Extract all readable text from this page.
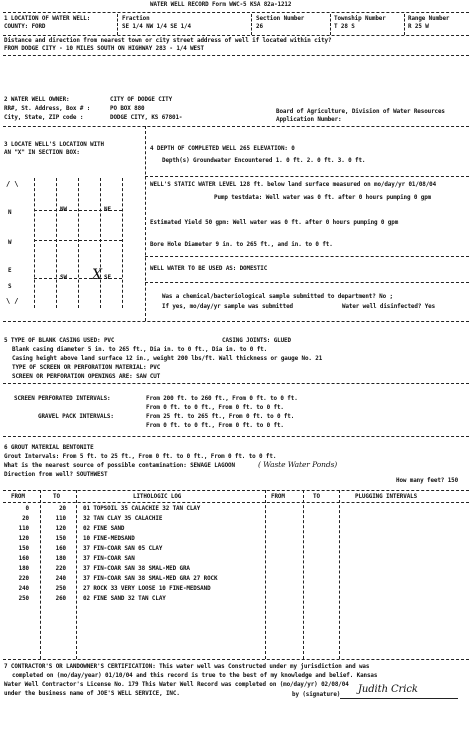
WATER WELL RECORD Form WWC-5 KSA 82a-1212
1 LOCATION OF WATER WELL:
COUNTY: FORD
Fraction
SE 1/4 NW 1/4 SE 1/4
Section Number
26
Township Number
T 28 S
Range Number
R 25 W
Distance and direction from nearest town or city street address of well if located within city?
FROM DODGE CITY - 10 MILES SOUTH ON HIGHWAY 283 - 1/4 WEST
2 WATER WELL OWNER:	CITY OF DODGE CITY
RR#, St. Address, Box # :	PO BOX 880	Board of Agriculture, Division of Water Resources
City, State, ZIP code :	DODGE CITY, KS 67801-	Application Number:
3 LOCATE WELL'S LOCATION WITH
AN "X" IN SECTION BOX:
/ \
\ /
NW	NE
SW	SE
N
W
E
S
X
4 DEPTH OF COMPLETED WELL 265 ELEVATION: 0
Depth(s) Groundwater Encountered 1. 0 ft. 2. 0 ft. 3. 0 ft.
WELL'S STATIC WATER LEVEL 128 ft. below land surface measured on mo/day/yr 01/08/04
Pump testdata: Well water was 0 ft. after 0 hours pumping 0 gpm
Estimated Yield 50 gpm: Well water was 0 ft. after 0 hours pumping 0 gpm
Bore Hole Diameter 9 in. to 265 ft., and in. to 0 ft.
WELL WATER TO BE USED AS: DOMESTIC
Was a chemical/bacteriological sample submitted to department? No ;
If yes, mo/day/yr sample was submitted	Water well disinfected? Yes
5 TYPE OF BLANK CASING USED: PVC	CASING JOINTS: GLUED
Blank casing diameter 5 in. to 265 ft., Dia in. to 0 ft., Dia in. to 0 ft.
Casing height above land surface 12 in., weight 200 lbs/ft. Wall thickness or gauge No. 21
TYPE OF SCREEN OR PERFORATION MATERIAL: PVC
SCREEN OR PERFORATION OPENINGS ARE: SAW CUT
SCREEN PERFORATED INTERVALS:	From 200 ft. to 260 ft., From 0 ft. to 0 ft.
From 0 ft. to 0 ft., From 0 ft. to 0 ft.
GRAVEL PACK INTERVALS:	From 25 ft. to 265 ft., From 0 ft. to 0 ft.
From 0 ft. to 0 ft., From 0 ft. to 0 ft.
6 GROUT MATERIAL BENTONITE
Grout Intervals: From 5 ft. to 25 ft., From 0 ft. to 0 ft., From 0 ft. to 0 ft.
What is the nearest source of possible contamination: SEWAGE LAGOON	( Waste Water Ponds)
Direction from well? SOUTHWEST
How many feet? 150
FROM	TO	LITHOLOGIC LOG	FROM	TO	PLUGGING INTERVALS
0	20	01 TOPSOIL 35 CALACHIE 32 TAN CLAY
20	110	32 TAN CLAY 35 CALACHIE
110	120	02 FINE SAND
120	150	10 FINE-MEDSAND
150	160	37 FIN-COAR SAN 05 CLAY
160	180	37 FIN-COAR SAN
180	220	37 FIN-COAR SAN 38 SMAL-MED GRA
220	240	37 FIN-COAR SAN 38 SMAL-MED GRA 27 ROCK
240	250	27 ROCK 33 VERY LOOSE 10 FINE-MEDSAND
250	260	02 FINE SAND 32 TAN CLAY
7 CONTRACTOR'S OR LANDOWNER'S CERTIFICATION: This water well was Constructed under my jurisdiction and was
completed on (mo/day/year) 01/10/04 and this record is true to the best of my knowledge and belief. Kansas
Water Well Contractor's License No. 179 This Water Well Record was completed on (mo/day/yr) 02/08/04
under the business name of JOE'S WELL SERVICE, INC.	by (signature) Judith Crick
